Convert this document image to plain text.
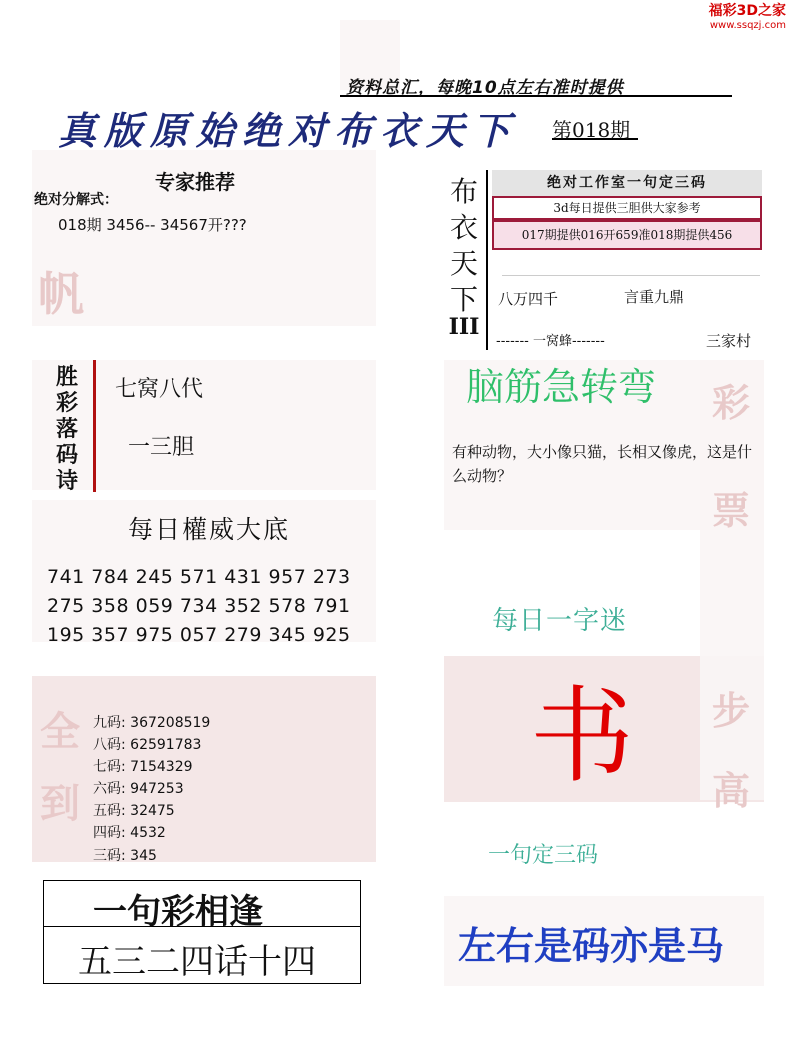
帆
全
到
彩
票
步
高
福彩3D之家
www.ssqzj.com
资料总汇，每晚10点左右准时提供
真版原始绝对布衣天下 第018期
专家推荐
绝对分解式：
018期 3456-- 34567开???
胜
彩
落
码
诗
七窝八代
一三胆
每日權威大底
741 784 245 571 431 957 273
275 358 059 734 352 578 791
195 357 975 057 279 345 925
九码: 367208519
八码: 62591783
七码: 7154329
六码: 947253
五码: 32475
四码: 4532
三码: 345
一句彩相逢
五三二四话十四
布
衣
天
下
III
绝对工作室一句定三码
3d每日提供三胆供大家参考
017期提供016开659准018期提供456
八万四千	言重九鼎
------- 一窝蜂-------	三家村
脑筋急转弯
有种动物，大小像只猫，长相又像虎，这是什么动物？
每日一字迷
书
一句定三码
左右是码亦是马
